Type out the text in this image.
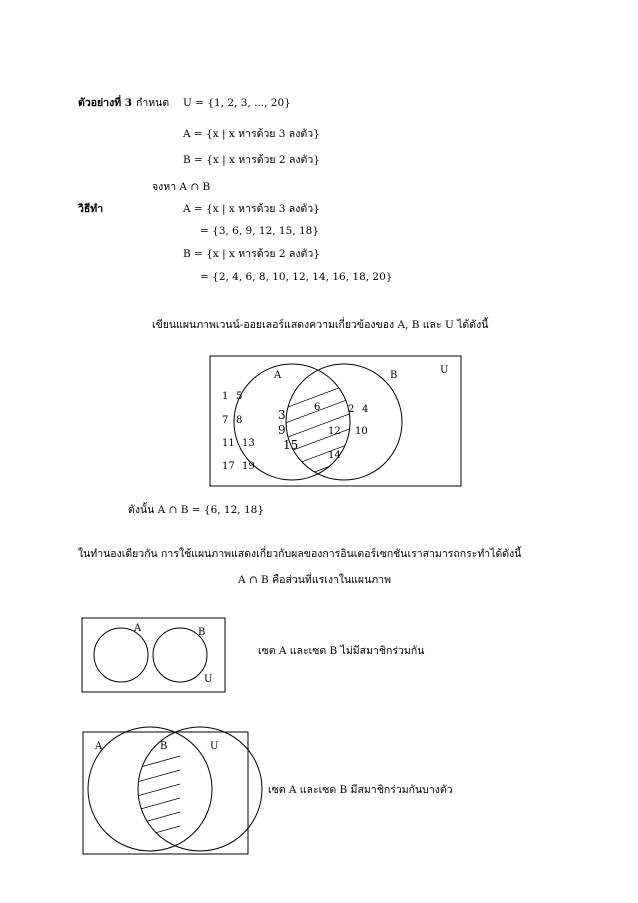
ตัวอย่างที่ 3 กำหนด U = {1, 2, 3, ..., 20}
A = {x | x หารด้วย 3 ลงตัว}
B = {x | x หารด้วย 2 ลงตัว}
จงหา A ∩ B
วิธีทำ	A = {x | x หารด้วย 3 ลงตัว}
= {3, 6, 9, 12, 15, 18}
B = {x | x หารด้วย 2 ลงตัว}
= {2, 4, 6, 8, 10, 12, 14, 16, 18, 20}
เขียนแผนภาพเวนน์-ออยเลอร์แสดงความเกี่ยวข้องของ A, B และ U ได้ดังนี้
A	B	U
1 5
7 8
11 13
17 19
3
9
15
6
12
14
2 4
10
A	B
U
A	B	U
ดังนั้น A ∩ B = {6, 12, 18}
ในทำนองเดียวกัน การใช้แผนภาพแสดงเกี่ยวกับผลของการอินเตอร์เซกชันเราสามารถกระทำได้ดังนี้
A ∩ B คือส่วนที่แรเงาในแผนภาพ
เซต A และเซต B ไม่มีสมาชิกร่วมกัน
เซต A และเซต B มีสมาชิกร่วมกันบางตัว
